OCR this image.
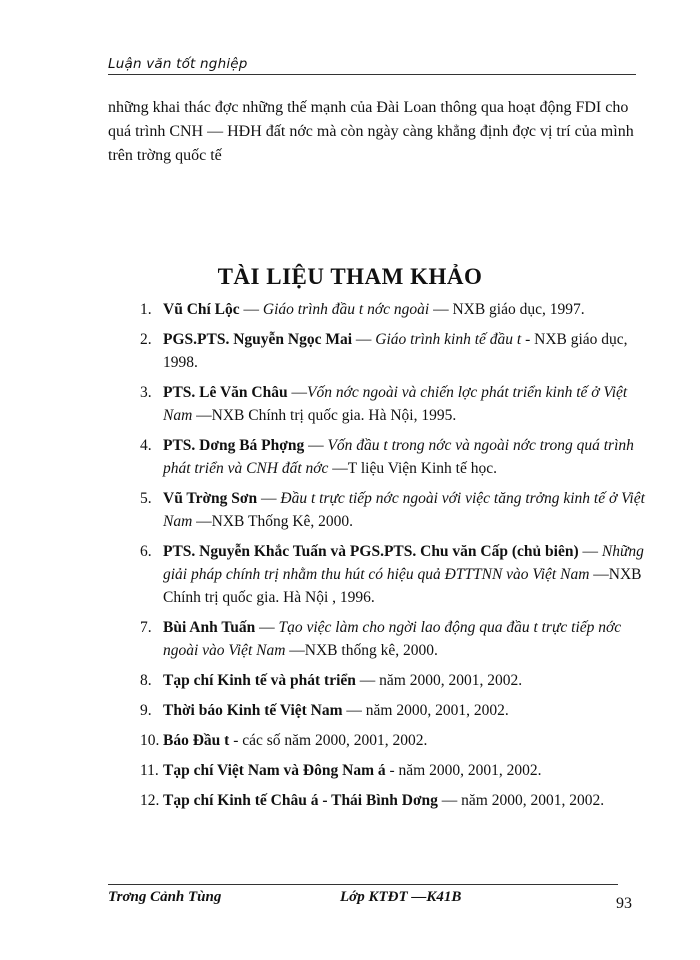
Luận văn tốt nghiệp

những khai thác đợc những thế mạnh của Đài Loan thông qua hoạt động FDI cho quá trình CNH — HĐH đất nớc mà còn ngày càng khẳng định đợc vị trí của mình trên trờng quốc tế

TÀI LIỆU THAM KHẢO
1. Vũ Chí Lộc — Giáo trình đầu t nớc ngoài — NXB giáo dục, 1997.
2. PGS.PTS. Nguyễn Ngọc Mai — Giáo trình kinh tế đầu t - NXB giáo dục, 1998.
3. PTS. Lê Văn Châu —Vốn nớc ngoài và chiến lợc phát triển kinh tế ở Việt Nam —NXB Chính trị quốc gia. Hà Nội, 1995.
4. PTS. Dơng Bá Phợng — Vốn đầu t trong nớc và ngoài nớc trong quá trình phát triển và CNH đất nớc —T liệu Viện Kinh tế học.
5. Vũ Trờng Sơn — Đầu t trực tiếp nớc ngoài với việc tăng trởng kinh tế ở Việt Nam —NXB Thống Kê, 2000.
6. PTS. Nguyễn Khắc Tuấn và PGS.PTS. Chu văn Cấp (chủ biên) — Những giải pháp chính trị nhằm thu hút có hiệu quả ĐTTTNN vào Việt Nam —NXB Chính trị quốc gia. Hà Nội , 1996.
7. Bùi Anh Tuấn — Tạo việc làm cho ngời lao động qua đầu t trực tiếp nớc ngoài vào Việt Nam —NXB thống kê, 2000.
8. Tạp chí Kinh tế và phát triển — năm 2000, 2001, 2002.
9. Thời báo Kinh tế Việt Nam — năm 2000, 2001, 2002.
10. Báo Đầu t - các số năm 2000, 2001, 2002.
11. Tạp chí Việt Nam và Đông Nam á - năm 2000, 2001, 2002.
12. Tạp chí Kinh tế Châu á - Thái Bình Dơng — năm 2000, 2001, 2002.
Trơng Cảnh Tùng	Lớp KTĐT —K41B	93
